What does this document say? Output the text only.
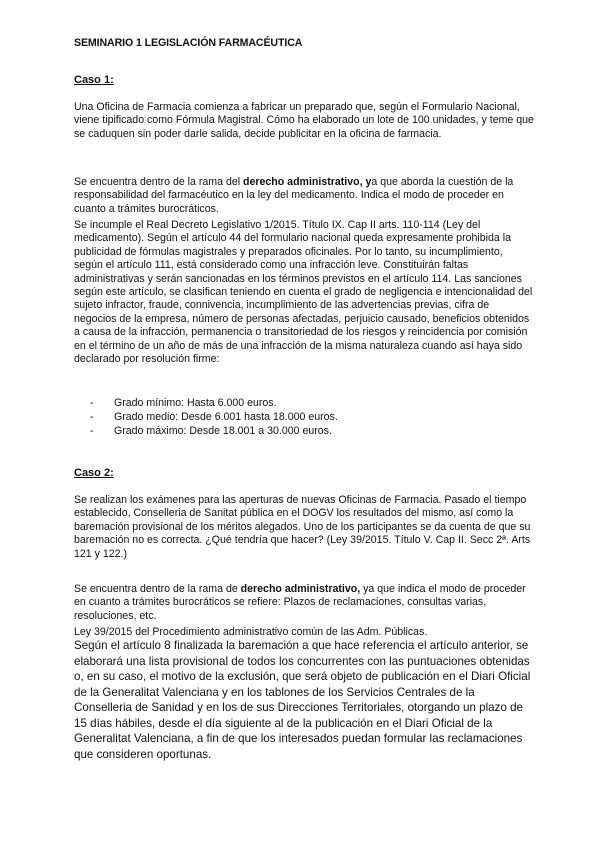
SEMINARIO 1 LEGISLACIÓN FARMACÉUTICA
Caso 1:

Una Oficina de Farmacia comienza a fabricar un preparado que, según el Formulario Nacional, viene tipificado como Fórmula Magistral. Cómo ha elaborado un lote de 100 unidades, y teme que se caduquen sin poder darle salida, decide publicitar en la oficina de farmacia.

Se encuentra dentro de la rama del derecho administrativo, ya que aborda la cuestión de la responsabilidad del farmacéutico en la ley del medicamento. Indica el modo de proceder en cuanto a trámites burocráticos.

Se incumple el Real Decreto Legislativo 1/2015. Título IX. Cap II arts. 110-114 (Ley del medicamento). Según el artículo 44 del formulario nacional queda expresamente prohibida la publicidad de fórmulas magistrales y preparados oficinales. Por lo tanto, su incumplimiento, según el artículo 111, está considerado como una infracción leve. Constituirán faltas administrativas y serán sancionadas en los términos previstos en el artículo 114. Las sanciones según este artículo, se clasifican teniendo en cuenta el grado de negligencia e intencionalidad del sujeto infractor, fraude, connivencia, incumplimiento de las advertencias previas, cifra de negocios de la empresa, número de personas afectadas, perjuicio causado, beneficios obtenidos a causa de la infracción, permanencia o transitoriedad de los riesgos y reincidencia por comisión en el término de un año de más de una infracción de la misma naturaleza cuando así haya sido declarado por resolución firme:

- Grado mínimo: Hasta 6.000 euros.
- Grado medio: Desde 6.001 hasta 18.000 euros.
- Grado máximo: Desde 18.001 a 30.000 euros.
Caso 2:

Se realizan los exámenes para las aperturas de nuevas Oficinas de Farmacia. Pasado el tiempo establecido, Conselleria de Sanitat pública en el DOGV los resultados del mismo, así como la baremación provisional de los méritos alegados. Uno de los participantes se da cuenta de que su baremación no es correcta. ¿Qué tendría que hacer? (Ley 39/2015. Título V. Cap II. Secc 2ª. Arts 121 y 122.)

Se encuentra dentro de la rama de derecho administrativo, ya que indica el modo de proceder en cuanto a trámites burocráticos se refiere: Plazos de reclamaciones, consultas varias, resoluciones, etc.

Ley 39/2015 del Procedimiento administrativo común de las Adm. Públicas.

Según el artículo 8 finalizada la baremación a que hace referencia el artículo anterior, se elaborará una lista provisional de todos los concurrentes con las puntuaciones obtenidas o, en su caso, el motivo de la exclusión, que será objeto de publicación en el Diari Oficial de la Generalitat Valenciana y en los tablones de los Servicios Centrales de la Conselleria de Sanidad y en los de sus Direcciones Territoriales, otorgando un plazo de 15 días hábiles, desde el día siguiente al de la publicación en el Diari Oficial de la Generalitat Valenciana, a fin de que los interesados puedan formular las reclamaciones que consideren oportunas.
